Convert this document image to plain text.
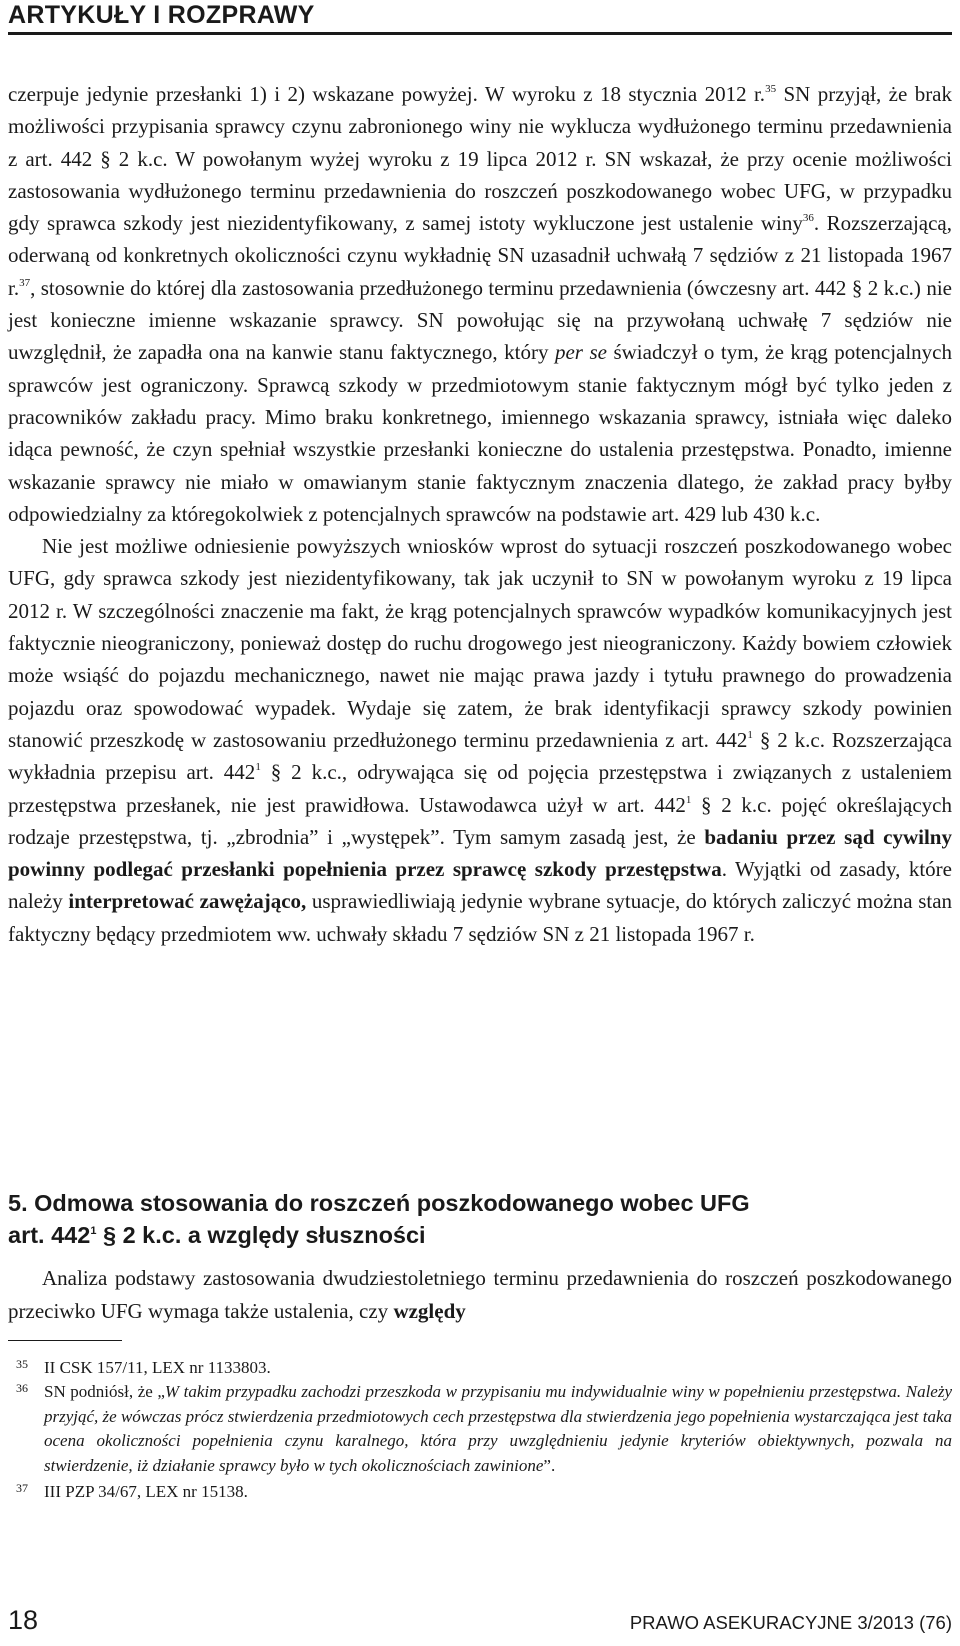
ARTYKUŁY I ROZPRAWY

czerpuje jedynie przesłanki 1) i 2) wskazane powyżej. W wyroku z 18 stycznia 2012 r.$^{35}$ SN przyjął, że brak możliwości przypisania sprawcy czynu zabronionego winy nie wyklucza wydłużonego terminu przedawnienia z art. 442 § 2 k.c. W powołanym wyżej wyroku z 19 lipca 2012 r. SN wskazał, że przy ocenie możliwości zastosowania wydłużonego terminu przedawnienia do roszczeń poszkodowanego wobec UFG, w przypadku gdy sprawca szkody jest niezidentyfikowany, z samej istoty wykluczone jest ustalenie winy$^{36}$. Rozszerzającą, oderwaną od konkretnych okoliczności czynu wykładnię SN uzasadnił uchwałą 7 sędziów z 21 listopada 1967 r.$^{37}$, stosownie do której dla zastosowania przedłużonego terminu przedawnienia (ówczesny art. 442 § 2 k.c.) nie jest konieczne imienne wskazanie sprawcy. SN powołując się na przywołaną uchwałę 7 sędziów nie uwzględnił, że zapadła ona na kanwie stanu faktycznego, który per se świadczył o tym, że krąg potencjalnych sprawców jest ograniczony. Sprawcą szkody w przedmiotowym stanie faktycznym mógł być tylko jeden z pracowników zakładu pracy. Mimo braku konkretnego, imiennego wskazania sprawcy, istniała więc daleko idąca pewność, że czyn spełniał wszystkie przesłanki konieczne do ustalenia przestępstwa. Ponadto, imienne wskazanie sprawcy nie miało w omawianym stanie faktycznym znaczenia dlatego, że zakład pracy byłby odpowiedzialny za któregokolwiek z potencjalnych sprawców na podstawie art. 429 lub 430 k.c.

Nie jest możliwe odniesienie powyższych wniosków wprost do sytuacji roszczeń poszkodowanego wobec UFG, gdy sprawca szkody jest niezidentyfikowany, tak jak uczynił to SN w powołanym wyroku z 19 lipca 2012 r. W szczególności znaczenie ma fakt, że krąg potencjalnych sprawców wypadków komunikacyjnych jest faktycznie nieograniczony, ponieważ dostęp do ruchu drogowego jest nieograniczony. Każdy bowiem człowiek może wsiąść do pojazdu mechanicznego, nawet nie mając prawa jazdy i tytułu prawnego do prowadzenia pojazdu oraz spowodować wypadek. Wydaje się zatem, że brak identyfikacji sprawcy szkody powinien stanowić przeszkodę w zastosowaniu przedłużonego terminu przedawnienia z art. $442^1$ § 2 k.c. Rozszerzająca wykładnia przepisu art. $442^1$ § 2 k.c., odrywająca się od pojęcia przestępstwa i związanych z ustaleniem przestępstwa przesłanek, nie jest prawidłowa. Ustawodawca użył w art. $442^1$ § 2 k.c. pojęć określających rodzaje przestępstwa, tj. „zbrodnia” i „występek”. Tym samym zasadą jest, że badaniu przez sąd cywilny powinny podlegać przesłanki popełnienia przez sprawcę szkody przestępstwa. Wyjątki od zasady, które należy interpretować zawężająco, usprawiedliwiają jedynie wybrane sytuacje, do których zaliczyć można stan faktyczny będący przedmiotem ww. uchwały składu 7 sędziów SN z 21 listopada 1967 r.

5. Odmowa stosowania do roszczeń poszkodowanego wobec UFG

art. $442^1$ § 2 k.c. a względy słuszności

Analiza podstawy zastosowania dwudziestoletniego terminu przedawnienia do roszczeń poszkodowanego przeciwko UFG wymaga także ustalenia, czy względy

35 II CSK 157/11, LEX nr 1133803.
36 SN podniósł, że „W takim przypadku zachodzi przeszkoda w przypisaniu mu indywidualnie winy w popełnieniu przestępstwa. Należy przyjąć, że wówczas prócz stwierdzenia przedmiotowych cech przestępstwa dla stwierdzenia jego popełnienia wystarczająca jest taka ocena okoliczności popełnienia czynu karalnego, która przy uwzględnieniu jedynie kryteriów obiektywnych, pozwala na stwierdzenie, iż działanie sprawcy było w tych okolicznościach zawinione”.
37 III PZP 34/67, LEX nr 15138.
18	PRAWO ASEKURACYJNE 3/2013 (76)
